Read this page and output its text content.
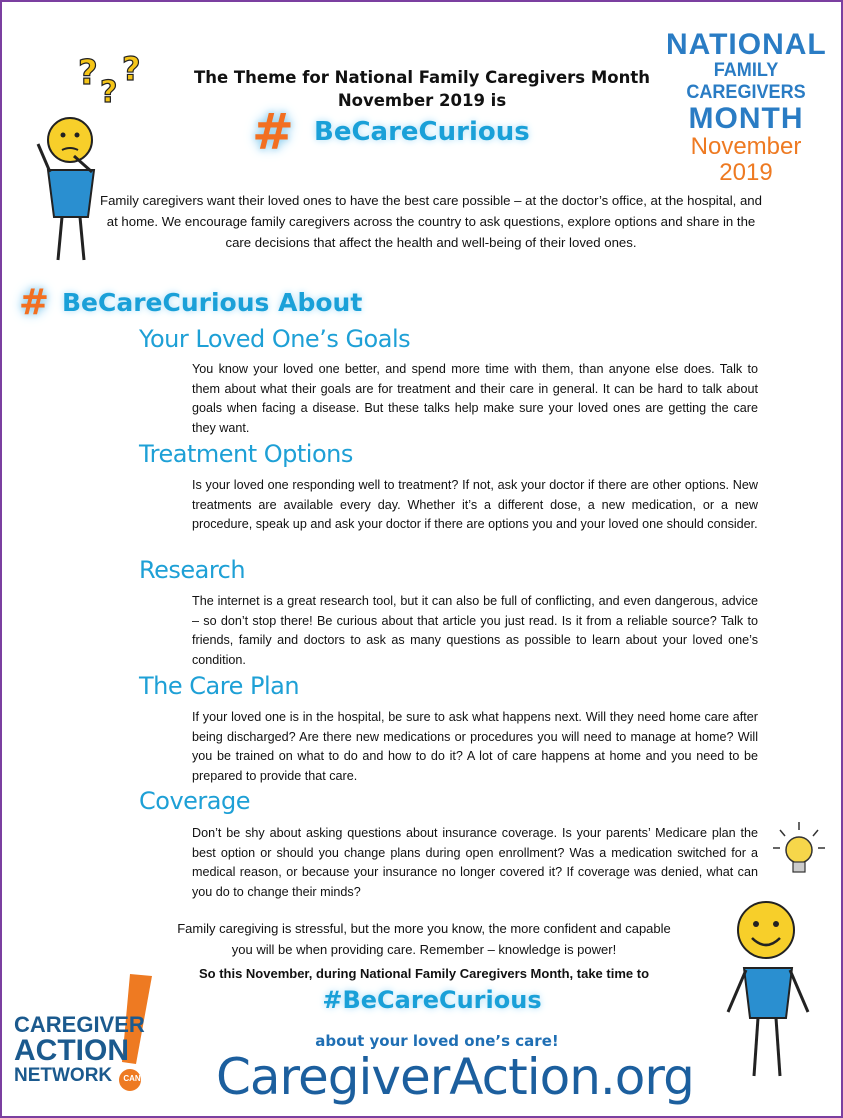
? ?
?	The Theme for National Family Caregivers Month
November 2019 is
# BeCareCurious
NATIONAL
FAMILY CAREGIVERS
MONTH
November 2019
Family caregivers want their loved ones to have the best care possible – at the doctor’s office, at the hospital, and at home. We encourage family caregivers across the country to ask questions, explore options and share in the care decisions that affect the health and well-being of their loved ones.
# BeCareCurious About
Your Loved One’s Goals
You know your loved one better, and spend more time with them, than anyone else does. Talk to them about what their goals are for treatment and their care in general. It can be hard to talk about goals when facing a disease. But these talks help make sure your loved ones are getting the care they want.
Treatment Options
Is your loved one responding well to treatment? If not, ask your doctor if there are other options. New treatments are available every day. Whether it’s a different dose, a new medication, or a new procedure, speak up and ask your doctor if there are options you and your loved one should consider.
Research
The internet is a great research tool, but it can also be full of conflicting, and even dangerous, advice – so don’t stop there! Be curious about that article you just read. Is it from a reliable source? Talk to friends, family and doctors to ask as many questions as possible to learn about your loved one’s condition.
The Care Plan
If your loved one is in the hospital, be sure to ask what happens next. Will they need home care after being discharged? Are there new medications or procedures you will need to manage at home? Will you be trained on what to do and how to do it? A lot of care happens at home and you need to be prepared to provide that care.
Coverage
Don’t be shy about asking questions about insurance coverage. Is your parents’ Medicare plan the best option or should you change plans during open enrollment? Was a medication switched for a medical reason, or because your insurance no longer covered it? If coverage was denied, what can you do to change their minds?
Family caregiving is stressful, but the more you know, the more confident and capable
you will be when providing care. Remember – knowledge is power!
So this November, during National Family Caregivers Month, take time to
#BeCareCurious
about your loved one’s care!
CaregiverAction.org
CAREGIVER
ACTION
NETWORK CAN
